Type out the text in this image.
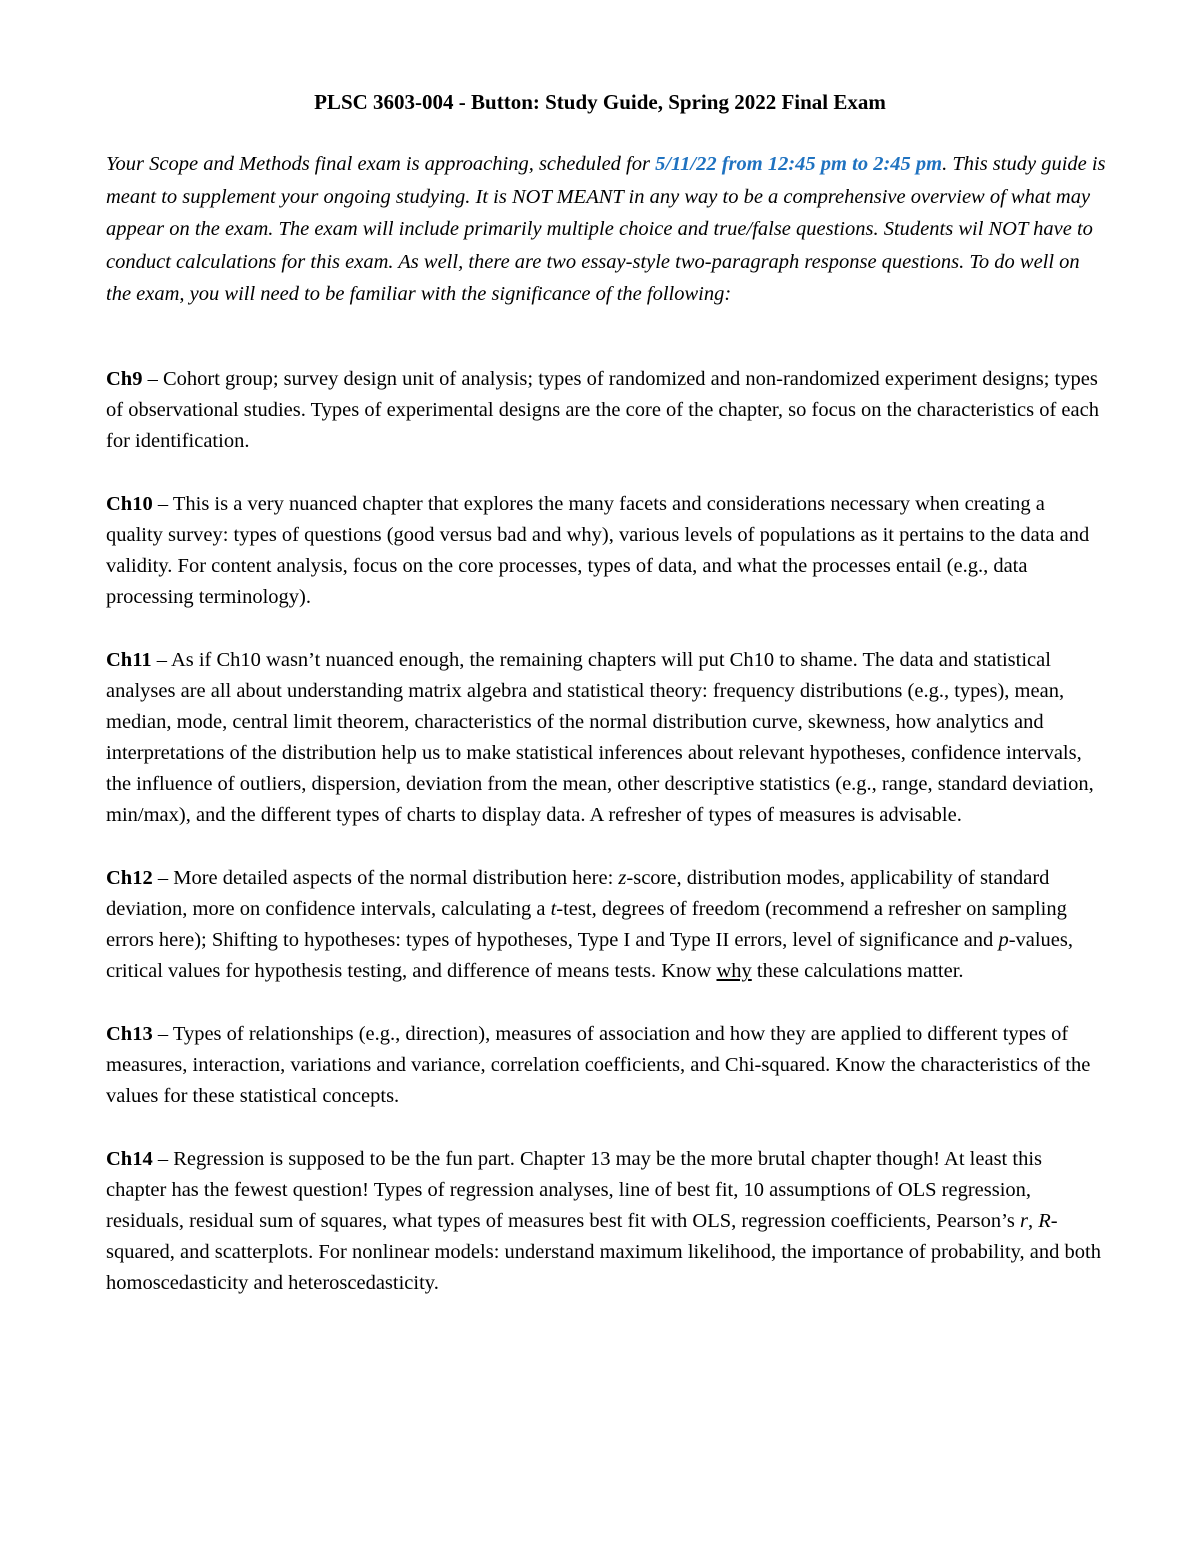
PLSC 3603-004 - Button: Study Guide, Spring 2022 Final Exam

Your Scope and Methods final exam is approaching, scheduled for 5/11/22 from 12:45 pm to 2:45 pm. This study guide is meant to supplement your ongoing studying. It is NOT MEANT in any way to be a comprehensive overview of what may appear on the exam. The exam will include primarily multiple choice and true/false questions. Students wil NOT have to conduct calculations for this exam. As well, there are two essay-style two-paragraph response questions. To do well on the exam, you will need to be familiar with the significance of the following:

Ch9 – Cohort group; survey design unit of analysis; types of randomized and non-randomized experiment designs; types of observational studies. Types of experimental designs are the core of the chapter, so focus on the characteristics of each for identification.

Ch10 – This is a very nuanced chapter that explores the many facets and considerations necessary when creating a quality survey: types of questions (good versus bad and why), various levels of populations as it pertains to the data and validity. For content analysis, focus on the core processes, types of data, and what the processes entail (e.g., data processing terminology).

Ch11 – As if Ch10 wasn’t nuanced enough, the remaining chapters will put Ch10 to shame. The data and statistical analyses are all about understanding matrix algebra and statistical theory: frequency distributions (e.g., types), mean, median, mode, central limit theorem, characteristics of the normal distribution curve, skewness, how analytics and interpretations of the distribution help us to make statistical inferences about relevant hypotheses, confidence intervals, the influence of outliers, dispersion, deviation from the mean, other descriptive statistics (e.g., range, standard deviation, min/max), and the different types of charts to display data. A refresher of types of measures is advisable.

Ch12 – More detailed aspects of the normal distribution here: z-score, distribution modes, applicability of standard deviation, more on confidence intervals, calculating a t-test, degrees of freedom (recommend a refresher on sampling errors here); Shifting to hypotheses: types of hypotheses, Type I and Type II errors, level of significance and p-values, critical values for hypothesis testing, and difference of means tests. Know why these calculations matter.

Ch13 – Types of relationships (e.g., direction), measures of association and how they are applied to different types of measures, interaction, variations and variance, correlation coefficients, and Chi-squared. Know the characteristics of the values for these statistical concepts.

Ch14 – Regression is supposed to be the fun part. Chapter 13 may be the more brutal chapter though! At least this chapter has the fewest question! Types of regression analyses, line of best fit, 10 assumptions of OLS regression, residuals, residual sum of squares, what types of measures best fit with OLS, regression coefficients, Pearson’s r, R-squared, and scatterplots. For nonlinear models: understand maximum likelihood, the importance of probability, and both homoscedasticity and heteroscedasticity.
